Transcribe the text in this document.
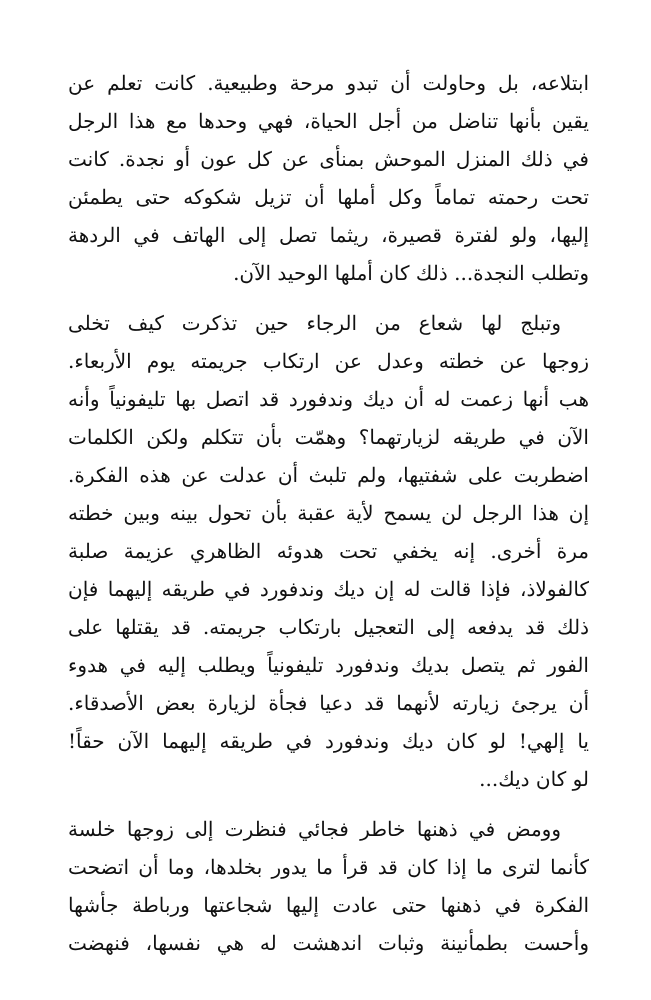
ابتلاعه، بل وحاولت أن تبدو مرحة وطبيعية. كانت تعلم عن
يقين بأنها تناضل من أجل الحياة، فهي وحدها مع هذا الرجل
في ذلك المنزل الموحش بمنأى عن كل عون أو نجدة. كانت
تحت رحمته تماماً وكل أملها أن تزيل شكوكه حتى يطمئن
إليها، ولو لفترة قصيرة، ريثما تصل إلى الهاتف في الردهة
وتطلب النجدة... ذلك كان أملها الوحيد الآن.
وتبلج لها شعاع من الرجاء حين تذكرت كيف تخلى
زوجها عن خطته وعدل عن ارتكاب جريمته يوم الأربعاء.
هب أنها زعمت له أن ديك وندفورد قد اتصل بها تليفونياً وأنه
الآن في طريقه لزيارتهما؟ وهمّت بأن تتكلم ولكن الكلمات
اضطربت على شفتيها، ولم تلبث أن عدلت عن هذه الفكرة.
إن هذا الرجل لن يسمح لأية عقبة بأن تحول بينه وبين خطته
مرة أخرى. إنه يخفي تحت هدوئه الظاهري عزيمة صلبة
كالفولاذ، فإذا قالت له إن ديك وندفورد في طريقه إليهما فإن
ذلك قد يدفعه إلى التعجيل بارتكاب جريمته. قد يقتلها على
الفور ثم يتصل بديك وندفورد تليفونياً ويطلب إليه في هدوء
أن يرجئ زيارته لأنهما قد دعيا فجأة لزيارة بعض الأصدقاء.
يا إلهي! لو كان ديك وندفورد في طريقه إليهما الآن حقاً!
لو كان ديك...
وومض في ذهنها خاطر فجائي فنظرت إلى زوجها خلسة
كأنما لترى ما إذا كان قد قرأ ما يدور بخلدها، وما أن اتضحت
الفكرة في ذهنها حتى عادت إليها شجاعتها ورباطة جأشها
وأحست بطمأنينة وثبات اندهشت له هي نفسها، فنهضت
